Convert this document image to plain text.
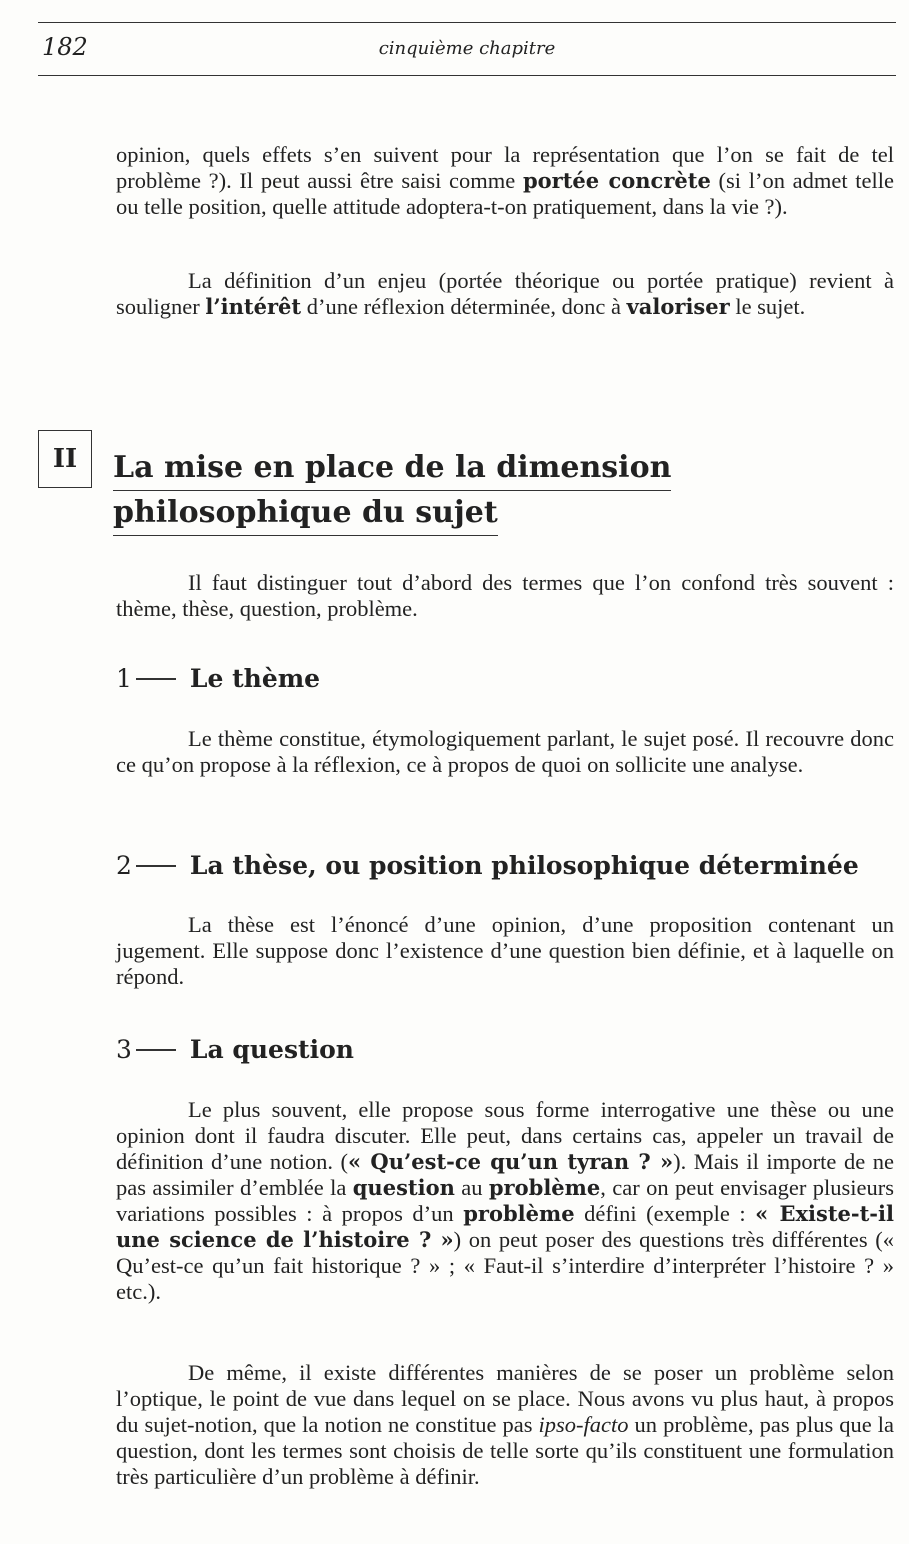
182	cinquième chapitre

opinion, quels effets s’en suivent pour la représentation que l’on se fait de tel problème ?). Il peut aussi être saisi comme portée concrète (si l’on admet telle ou telle position, quelle attitude adoptera-t-on pratiquement, dans la vie ?).

La définition d’un enjeu (portée théorique ou portée pratique) revient à souligner l’intérêt d’une réflexion déterminée, donc à valoriser le sujet.

II	La mise en place de la dimension
philosophique du sujet

Il faut distinguer tout d’abord des termes que l’on confond très souvent : thème, thèse, question, problème.

1 Le thème

Le thème constitue, étymologiquement parlant, le sujet posé. Il recouvre donc ce qu’on propose à la réflexion, ce à propos de quoi on sollicite une analyse.

2 La thèse, ou position philosophique déterminée

La thèse est l’énoncé d’une opinion, d’une proposition contenant un jugement. Elle suppose donc l’existence d’une question bien définie, et à laquelle on répond.

3 La question

Le plus souvent, elle propose sous forme interrogative une thèse ou une opinion dont il faudra discuter. Elle peut, dans certains cas, appeler un travail de définition d’une notion. (« Qu’est-ce qu’un tyran ? »). Mais il importe de ne pas assimiler d’emblée la question au problème, car on peut envisager plusieurs variations possibles : à propos d’un problème défini (exemple : « Existe-t-il une science de l’histoire ? ») on peut poser des questions très différentes (« Qu’est-ce qu’un fait historique ? » ; « Faut-il s’interdire d’interpréter l’histoire ? » etc.).

De même, il existe différentes manières de se poser un problème selon l’optique, le point de vue dans lequel on se place. Nous avons vu plus haut, à propos du sujet-notion, que la notion ne constitue pas ipso-facto un problème, pas plus que la question, dont les termes sont choisis de telle sorte qu’ils constituent une formulation très particulière d’un problème à définir.
